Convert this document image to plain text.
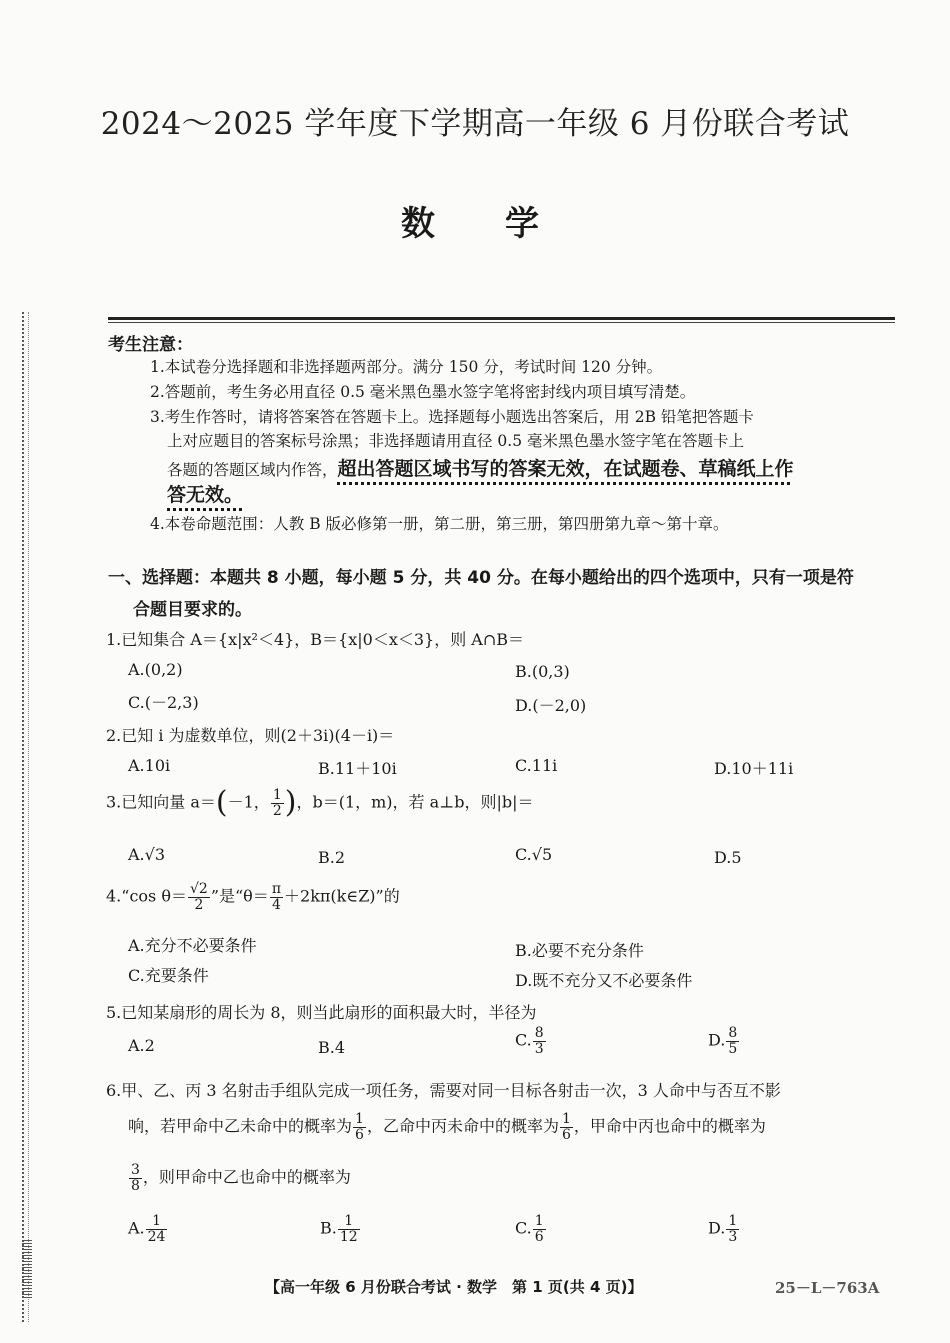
2024～2025 学年度下学期高一年级 6 月份联合考试
数学
考生注意：
1.本试卷分选择题和非选择题两部分。满分 150 分，考试时间 120 分钟。
2.答题前，考生务必用直径 0.5 毫米黑色墨水签字笔将密封线内项目填写清楚。
3.考生作答时，请将答案答在答题卡上。选择题每小题选出答案后，用 2B 铅笔把答题卡
上对应题目的答案标号涂黑；非选择题请用直径 0.5 毫米黑色墨水签字笔在答题卡上
各题的答题区域内作答，超出答题区域书写的答案无效，在试题卷、草稿纸上作
答无效。
4.本卷命题范围：人教 B 版必修第一册，第二册，第三册，第四册第九章～第十章。
一、选择题：本题共 8 小题，每小题 5 分，共 40 分。在每小题给出的四个选项中，只有一项是符
合题目要求的。
1.已知集合 A＝{x|x²＜4}，B＝{x|0＜x＜3}，则 A∩B＝
A.(0,2)	B.(0,3)
C.(－2,3)	D.(－2,0)
2.已知 i 为虚数单位，则(2＋3i)(4－i)＝
A.10i	B.11＋10i	C.11i	D.10＋11i
3.已知向量 a＝(－1， $\frac{1}{2}$ )，b＝(1，m)，若 a⊥b，则|b|＝
A.√3	B.2	C.√5	D.5
4.“cos $\theta= \frac{√2}{2}$ ”是“$\theta= \frac{\pi}{4}$ ＋2kπ(k∈Z)”的
A.充分不必要条件	B.必要不充分条件
C.充要条件	D.既不充分又不必要条件
5.已知某扇形的周长为 8，则当此扇形的面积最大时，半径为
A.2	B.4	C. $\frac{8}{3}$	D. $\frac{8}{5}$
6.甲、乙、丙 3 名射击手组队完成一项任务，需要对同一目标各射击一次，3 人命中与否互不影
响，若甲命中乙未命中的概率为 $\frac{1}{6}$ ，乙命中丙未命中的概率为 $\frac{1}{6}$ ，甲命中丙也命中的概率为
$\frac{3}{8}$ ，则甲命中乙也命中的概率为
A. $\frac{1}{24}$	B. $\frac{1}{12}$	C. $\frac{1}{6}$	D. $\frac{1}{3}$
【高一年级 6 月份联合考试 · 数学　第 1 页(共 4 页)】	25－L－763A
